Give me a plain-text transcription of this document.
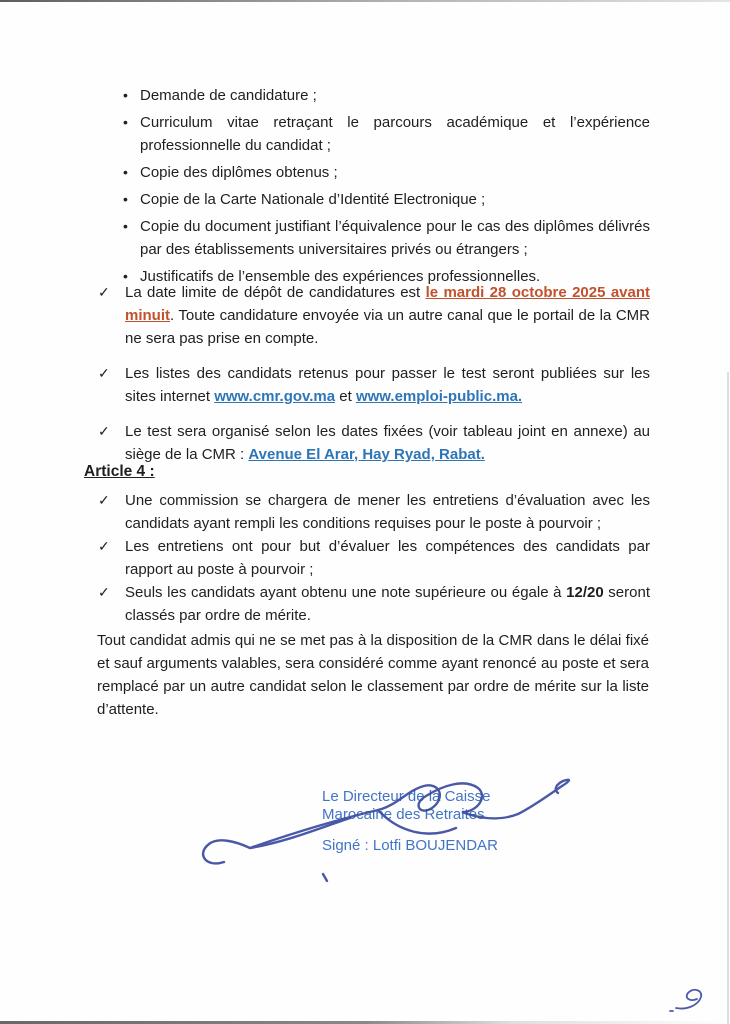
• Demande de candidature ;
• Curriculum vitae retraçant le parcours académique et l’expérience professionnelle du candidat ;
• Copie des diplômes obtenus ;
• Copie de la Carte Nationale d’Identité Electronique ;
• Copie du document justifiant l’équivalence pour le cas des diplômes délivrés par des établissements universitaires privés ou étrangers ;
• Justificatifs de l’ensemble des expériences professionnelles.
✓	La date limite de dépôt de candidatures est le mardi 28 octobre 2025 avant minuit. Toute candidature envoyée via un autre canal que le portail de la CMR ne sera pas prise en compte.
✓	Les listes des candidats retenus pour passer le test seront publiées sur les sites internet www.cmr.gov.ma et www.emploi-public.ma.
✓	Le test sera organisé selon les dates fixées (voir tableau joint en annexe) au siège de la CMR : Avenue El Arar, Hay Ryad, Rabat.
Article 4 :
✓	Une commission se chargera de mener les entretiens d’évaluation avec les candidats ayant rempli les conditions requises pour le poste à pourvoir ;
✓	Les entretiens ont pour but d’évaluer les compétences des candidats par rapport au poste à pourvoir ;
✓	Seuls les candidats ayant obtenu une note supérieure ou égale à 12/20 seront classés par ordre de mérite.
Tout candidat admis qui ne se met pas à la disposition de la CMR dans le délai fixé et sauf arguments valables, sera considéré comme ayant renoncé au poste et sera remplacé par un autre candidat selon le classement par ordre de mérite sur la liste d’attente.
Le Directeur de la Caisse
Marocaine des Retraites
Signé : Lotfi BOUJENDAR
